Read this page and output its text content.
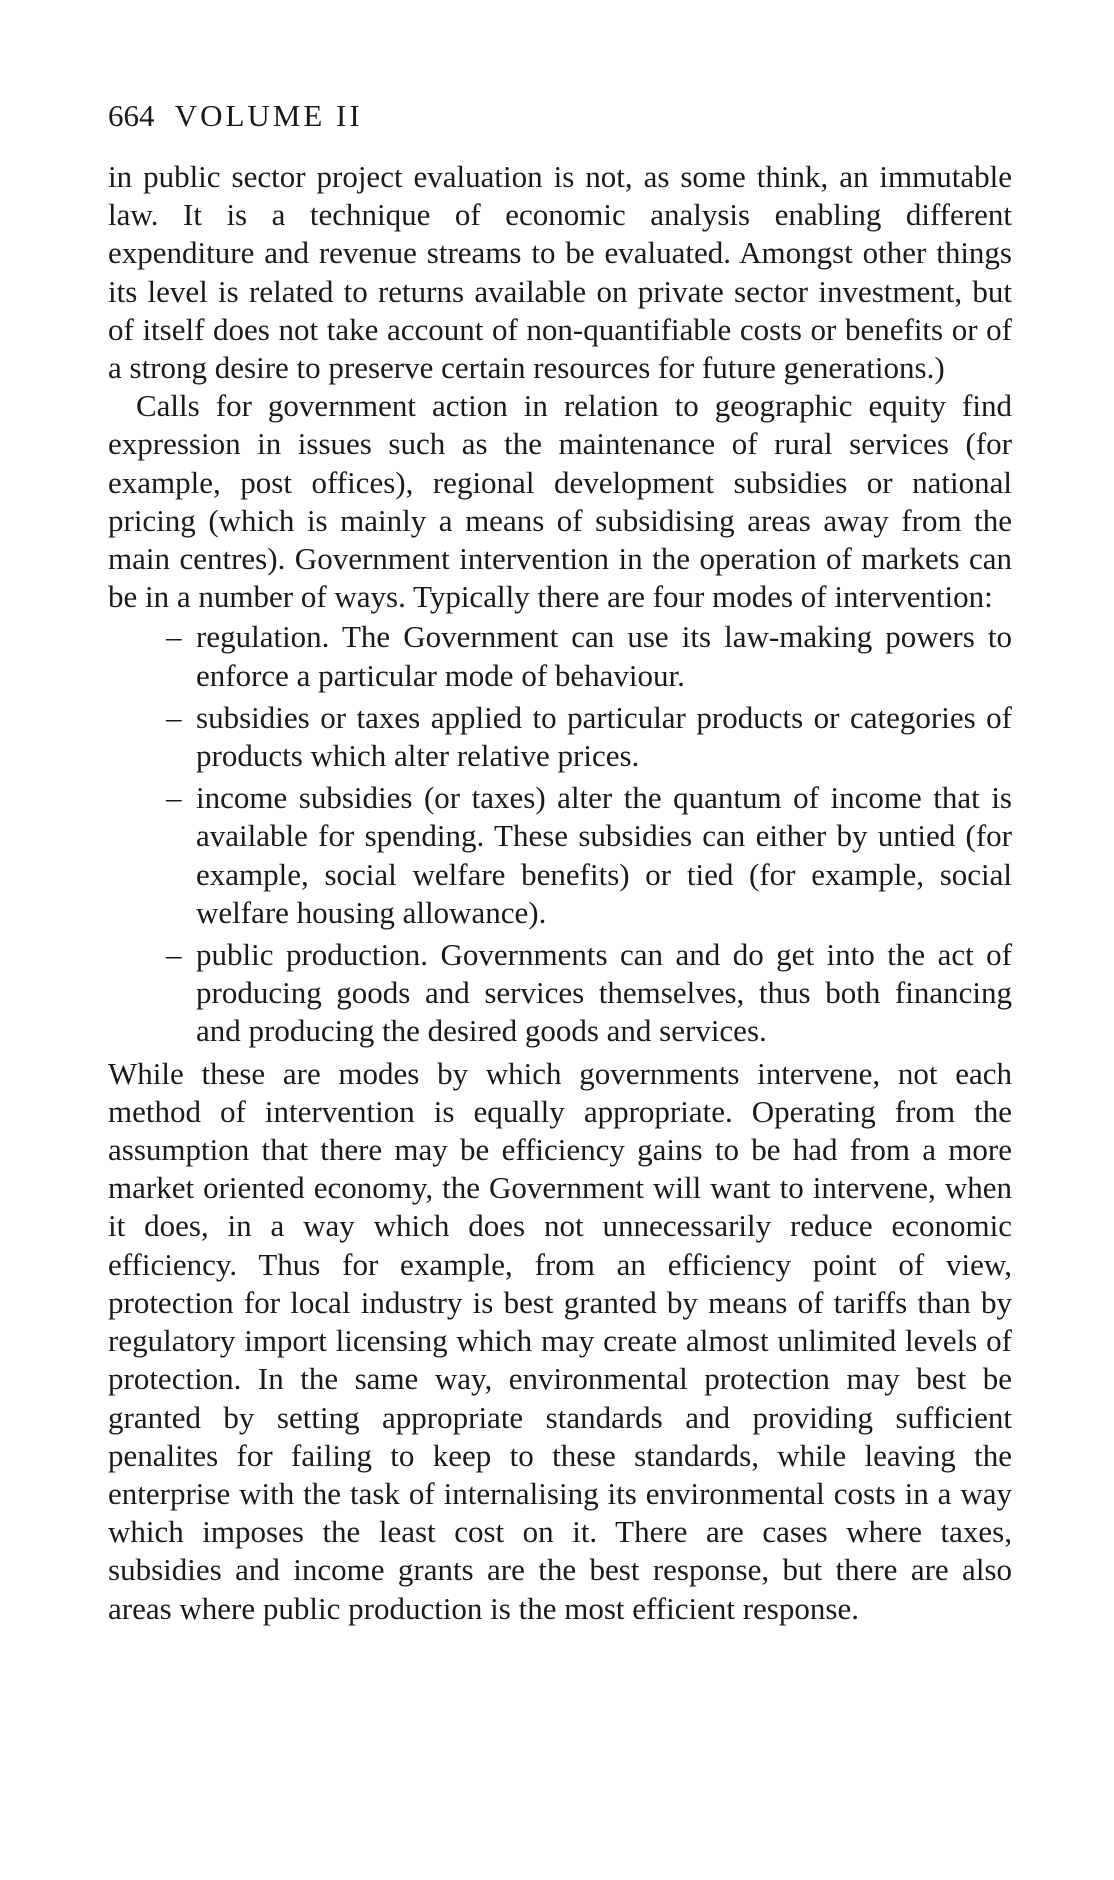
664 VOLUME II

in public sector project evaluation is not, as some think, an immutable law. It is a technique of economic analysis enabling different expenditure and revenue streams to be evaluated. Amongst other things its level is related to returns available on private sector investment, but of itself does not take account of non-quantifiable costs or benefits or of a strong desire to preserve certain resources for future generations.)

Calls for government action in relation to geographic equity find expression in issues such as the maintenance of rural services (for example, post offices), regional development subsidies or national pricing (which is mainly a means of subsidising areas away from the main centres). Government intervention in the operation of markets can be in a number of ways. Typically there are four modes of intervention:

– regulation. The Government can use its law-making powers to enforce a particular mode of behaviour.
– subsidies or taxes applied to particular products or categories of products which alter relative prices.
– income subsidies (or taxes) alter the quantum of income that is available for spending. These subsidies can either by untied (for example, social welfare benefits) or tied (for example, social welfare housing allowance).
– public production. Governments can and do get into the act of producing goods and services themselves, thus both financing and producing the desired goods and services.

While these are modes by which governments intervene, not each method of intervention is equally appropriate. Operating from the assumption that there may be efficiency gains to be had from a more market oriented economy, the Government will want to intervene, when it does, in a way which does not unnecessarily reduce economic efficiency. Thus for example, from an efficiency point of view, protection for local industry is best granted by means of tariffs than by regulatory import licensing which may create almost unlimited levels of protection. In the same way, environmental protection may best be granted by setting appropriate standards and providing sufficient penalites for failing to keep to these standards, while leaving the enterprise with the task of internalising its environmental costs in a way which imposes the least cost on it. There are cases where taxes, subsidies and income grants are the best response, but there are also areas where public production is the most efficient response.
